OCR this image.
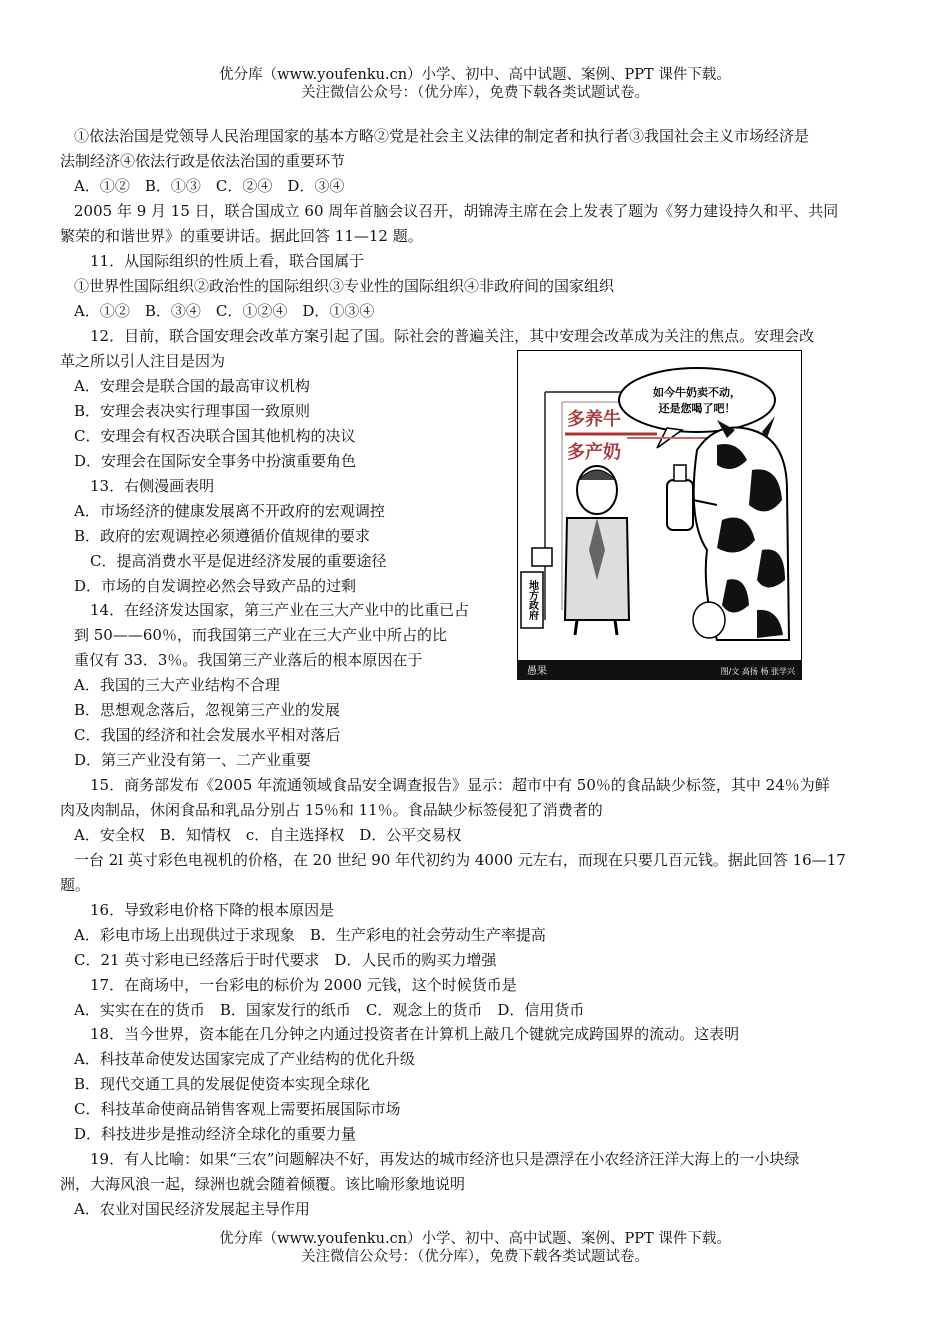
优分库（www.youfenku.cn）小学、初中、高中试题、案例、PPT 课件下载。
关注微信公众号：（优分库），免费下载各类试题试卷。
①依法治国是党领导人民治理国家的基本方略②党是社会主义法律的制定者和执行者③我国社会主义市场经济是
法制经济④依法行政是依法治国的重要环节
A．①②　B．①③　C．②④　D．③④
2005 年 9 月 15 日，联合国成立 60 周年首脑会议召开，胡锦涛主席在会上发表了题为《努力建设持久和平、共同
繁荣的和谐世界》的重要讲话。据此回答 11—12 题。
11．从国际组织的性质上看，联合国属于
①世界性国际组织②政治性的国际组织③专业性的国际组织④非政府间的国家组织
A．①②　B．③④　C．①②④　D．①③④
12．目前，联合国安理会改革方案引起了国。际社会的普遍关注，其中安理会改革成为关注的焦点。安理会改
革之所以引人注目是因为
A．安理会是联合国的最高审议机构
B．安理会表决实行理事国一致原则
C．安理会有权否决联合国其他机构的决议
D．安理会在国际安全事务中扮演重要角色
13．右侧漫画表明
A．市场经济的健康发展离不开政府的宏观调控
B．政府的宏观调控必须遵循价值规律的要求
C．提高消费水平是促进经济发展的重要途径
D．市场的自发调控必然会导致产品的过剩
14．在经济发达国家，第三产业在三大产业中的比重已占
到 50——60％，而我国第三产业在三大产业中所占的比
重仅有 33．3％。我国第三产业落后的根本原因在于
A．我国的三大产业结构不合理
B．思想观念落后，忽视第三产业的发展
C．我国的经济和社会发展水平相对落后
D．第三产业没有第一、二产业重要
15．商务部发布《2005 年流通领域食品安全调查报告》显示：超市中有 50％的食品缺少标签，其中 24％为鲜
肉及肉制品，休闲食品和乳品分别占 15％和 11％。食品缺少标签侵犯了消费者的
A．安全权　B．知情权　c．自主选择权　D．公平交易权
一台 2l 英寸彩色电视机的价格，在 20 世纪 90 年代初约为 4000 元左右，而现在只要几百元钱。据此回答 16—17
题。
16．导致彩电价格下降的根本原因是
A．彩电市场上出现供过于求现象　B．生产彩电的社会劳动生产率提高
C．21 英寸彩电已经落后于时代要求　D．人民币的购买力增强
17．在商场中，一台彩电的标价为 2000 元钱，这个时候货币是
A．实实在在的货币　B．国家发行的纸币　C．观念上的货币　D．信用货币
18．当今世界，资本能在几分钟之内通过投资者在计算机上敲几个键就完成跨国界的流动。这表明
A．科技革命使发达国家完成了产业结构的优化升级
B．现代交通工具的发展促使资本实现全球化
C．科技革命使商品销售客观上需要拓展国际市场
D．科技进步是推动经济全球化的重要力量
19．有人比喻：如果“三农”问题解决不好，再发达的城市经济也只是漂浮在小农经济汪洋大海上的一小块绿
洲，大海风浪一起，绿洲也就会随着倾覆。该比喻形象地说明
A．农业对国民经济发展起主导作用
如今牛奶卖不动，
还是您喝了吧！
多养牛
多产奶
地方政府
愚果	图/文 高扬 杨 张学兴
优分库（www.youfenku.cn）小学、初中、高中试题、案例、PPT 课件下载。
关注微信公众号：（优分库），免费下载各类试题试卷。
